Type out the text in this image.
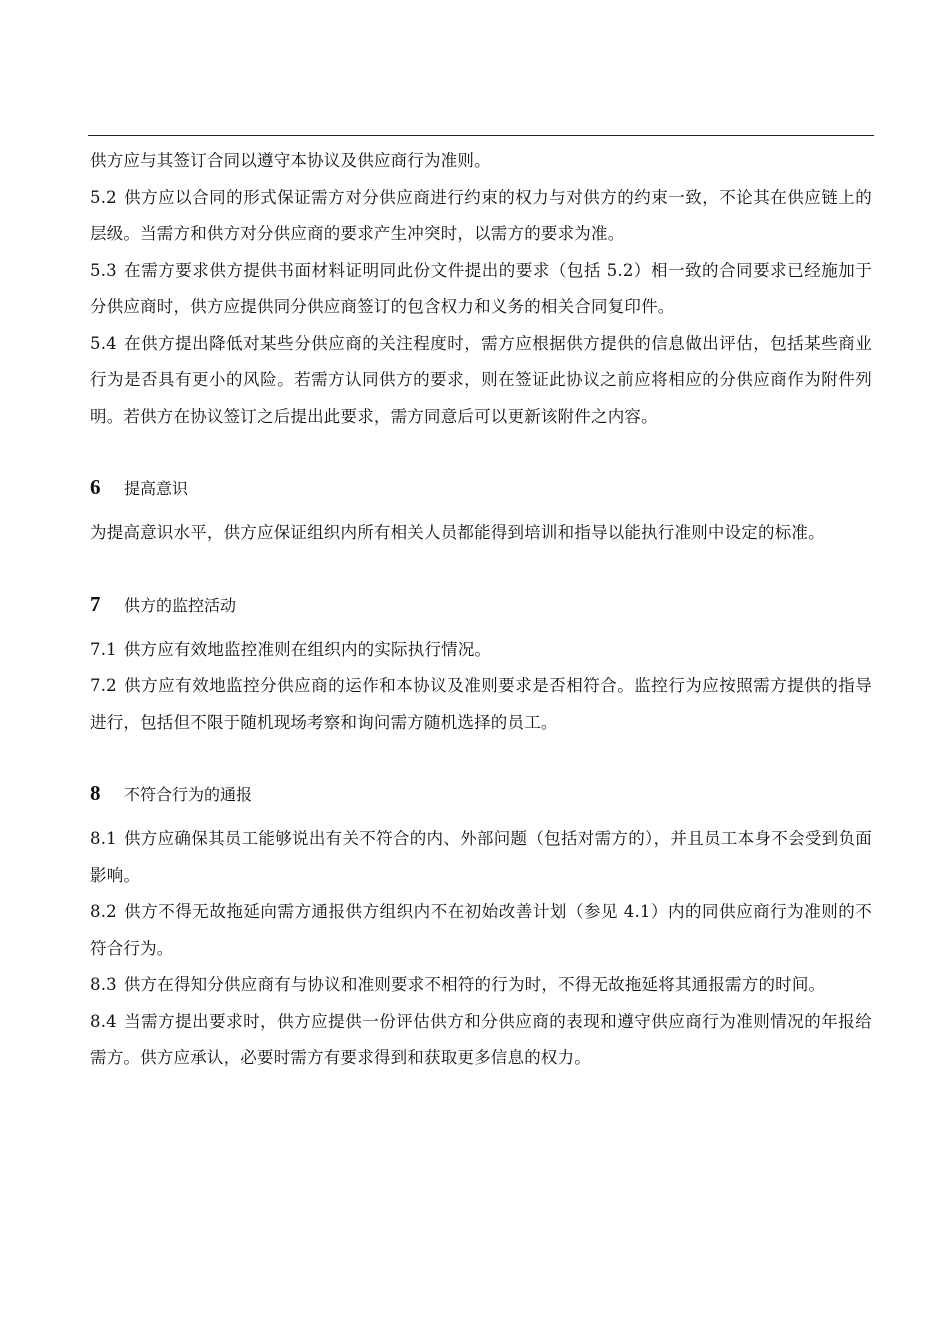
供方应与其签订合同以遵守本协议及供应商行为准则。

5.2 供方应以合同的形式保证需方对分供应商进行约束的权力与对供方的约束一致，不论其在供应链上的层级。当需方和供方对分供应商的要求产生冲突时，以需方的要求为准。

5.3 在需方要求供方提供书面材料证明同此份文件提出的要求（包括 5.2）相一致的合同要求已经施加于分供应商时，供方应提供同分供应商签订的包含权力和义务的相关合同复印件。

5.4 在供方提出降低对某些分供应商的关注程度时，需方应根据供方提供的信息做出评估，包括某些商业行为是否具有更小的风险。若需方认同供方的要求，则在签证此协议之前应将相应的分供应商作为附件列明。若供方在协议签订之后提出此要求，需方同意后可以更新该附件之内容。

6	提高意识

为提高意识水平，供方应保证组织内所有相关人员都能得到培训和指导以能执行准则中设定的标准。

7	供方的监控活动

7.1 供方应有效地监控准则在组织内的实际执行情况。

7.2 供方应有效地监控分供应商的运作和本协议及准则要求是否相符合。监控行为应按照需方提供的指导进行，包括但不限于随机现场考察和询问需方随机选择的员工。

8	不符合行为的通报

8.1 供方应确保其员工能够说出有关不符合的内、外部问题（包括对需方的），并且员工本身不会受到负面影响。

8.2 供方不得无故拖延向需方通报供方组织内不在初始改善计划（参见 4.1）内的同供应商行为准则的不符合行为。

8.3 供方在得知分供应商有与协议和准则要求不相符的行为时，不得无故拖延将其通报需方的时间。

8.4 当需方提出要求时，供方应提供一份评估供方和分供应商的表现和遵守供应商行为准则情况的年报给需方。供方应承认，必要时需方有要求得到和获取更多信息的权力。
